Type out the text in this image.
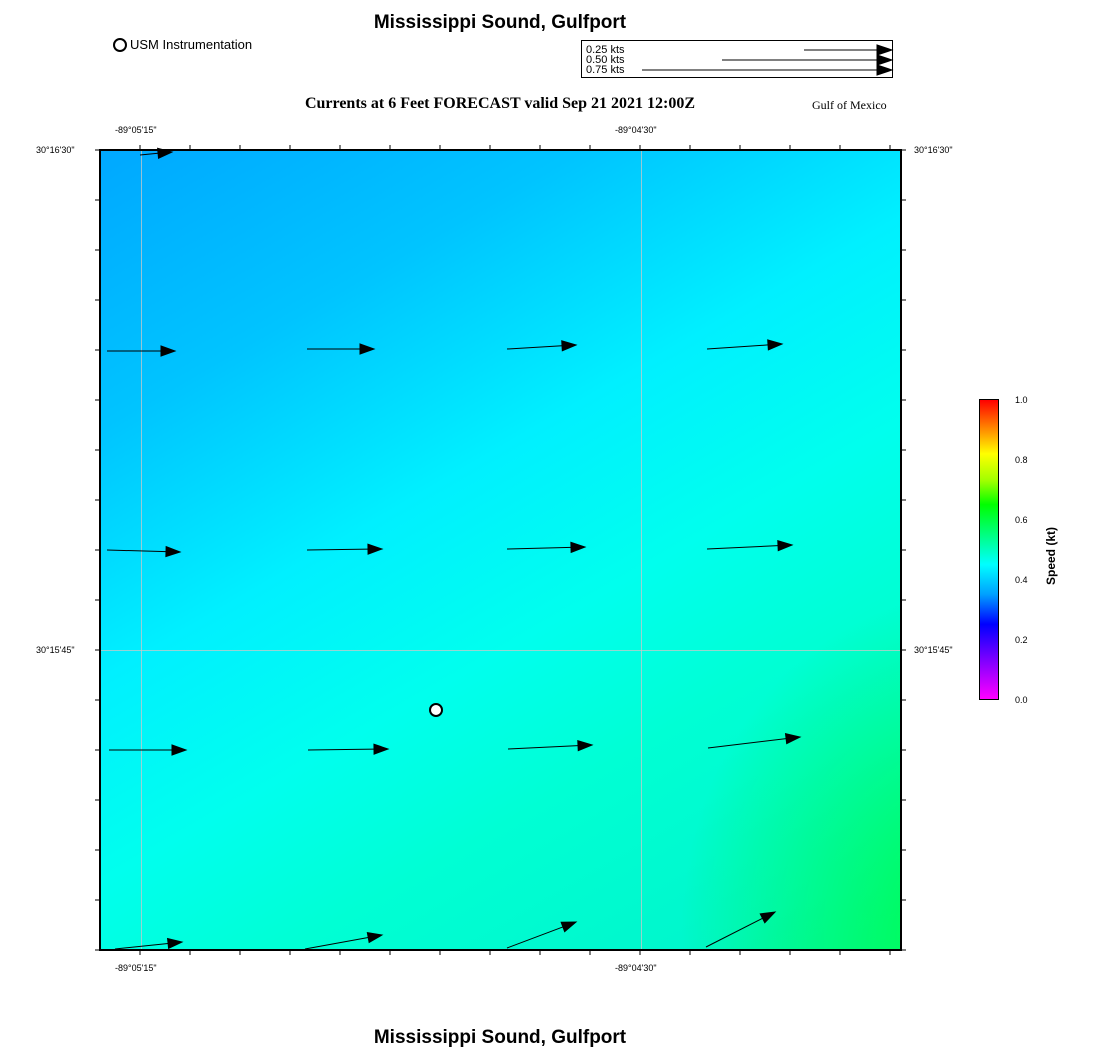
Mississippi Sound, Gulfport
USM Instrumentation	0.25 kts
0.50 kts
0.75 kts
Currents at 6 Feet FORECAST valid Sep 21 2021 12:00Z	Gulf of Mexico
-89°05'15"	-89°04'30"
-89°05'15"	-89°04'30"
30°16'30"
30°15'45"
30°16'30"
30°15'45"
1.0
0.8
0.6
0.4
0.2
0.0
Speed (kt)
Mississippi Sound, Gulfport
